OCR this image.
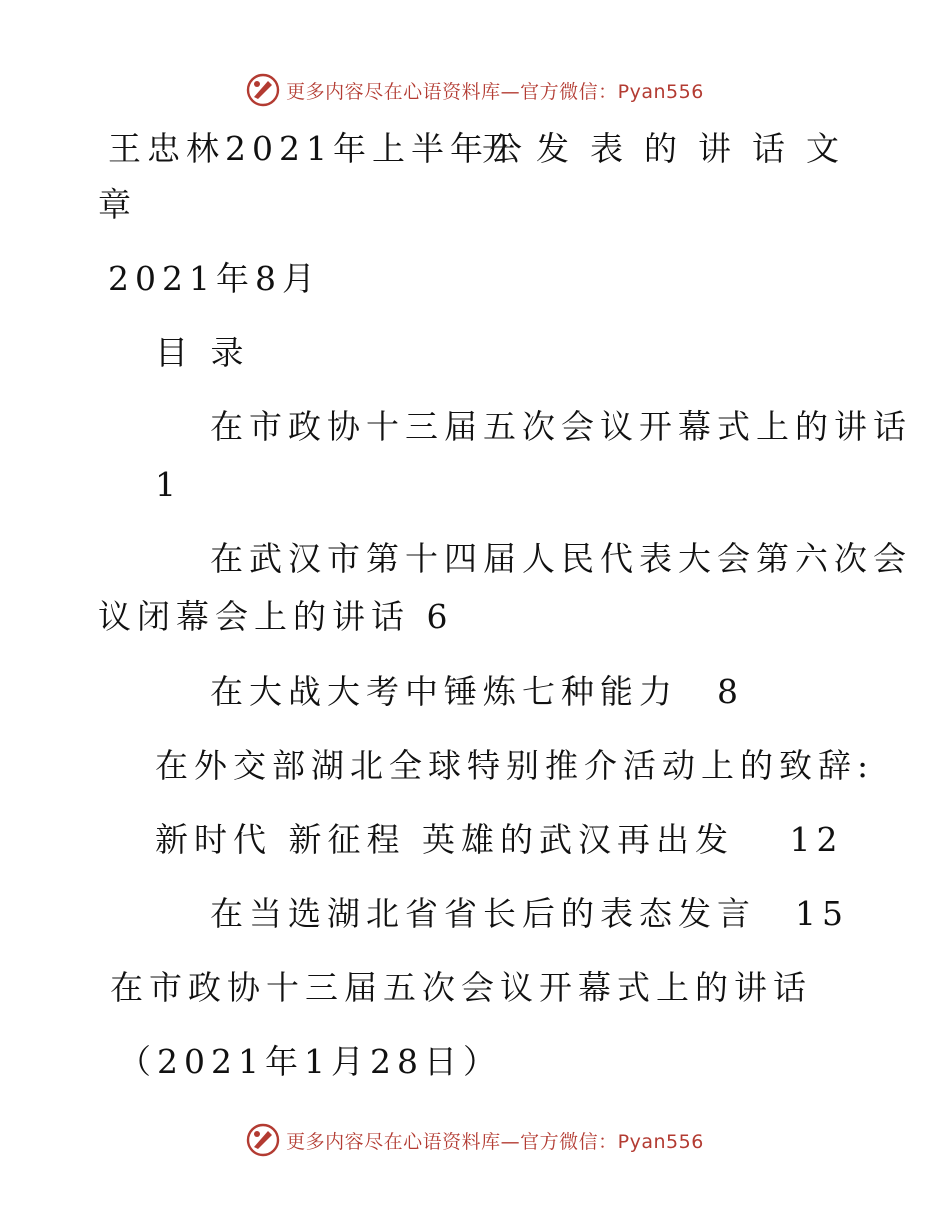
更多内容尽在心语资料库—官方微信：Pyan556
王忠林2021年上半年公
开发表的讲话文
章
2021年8月
目 录
在市政协十三届五次会议开幕式上的讲话
1
在武汉市第十四届人民代表大会第六次会
议闭幕会上的讲话 6
在大战大考中锤炼七种能力　8
在外交部湖北全球特别推介活动上的致辞:
新时代 新征程 英雄的武汉再出发　 12
在当选湖北省省长后的表态发言　15
在市政协十三届五次会议开幕式上的讲话
（2021年1月28日）
更多内容尽在心语资料库—官方微信：Pyan556
